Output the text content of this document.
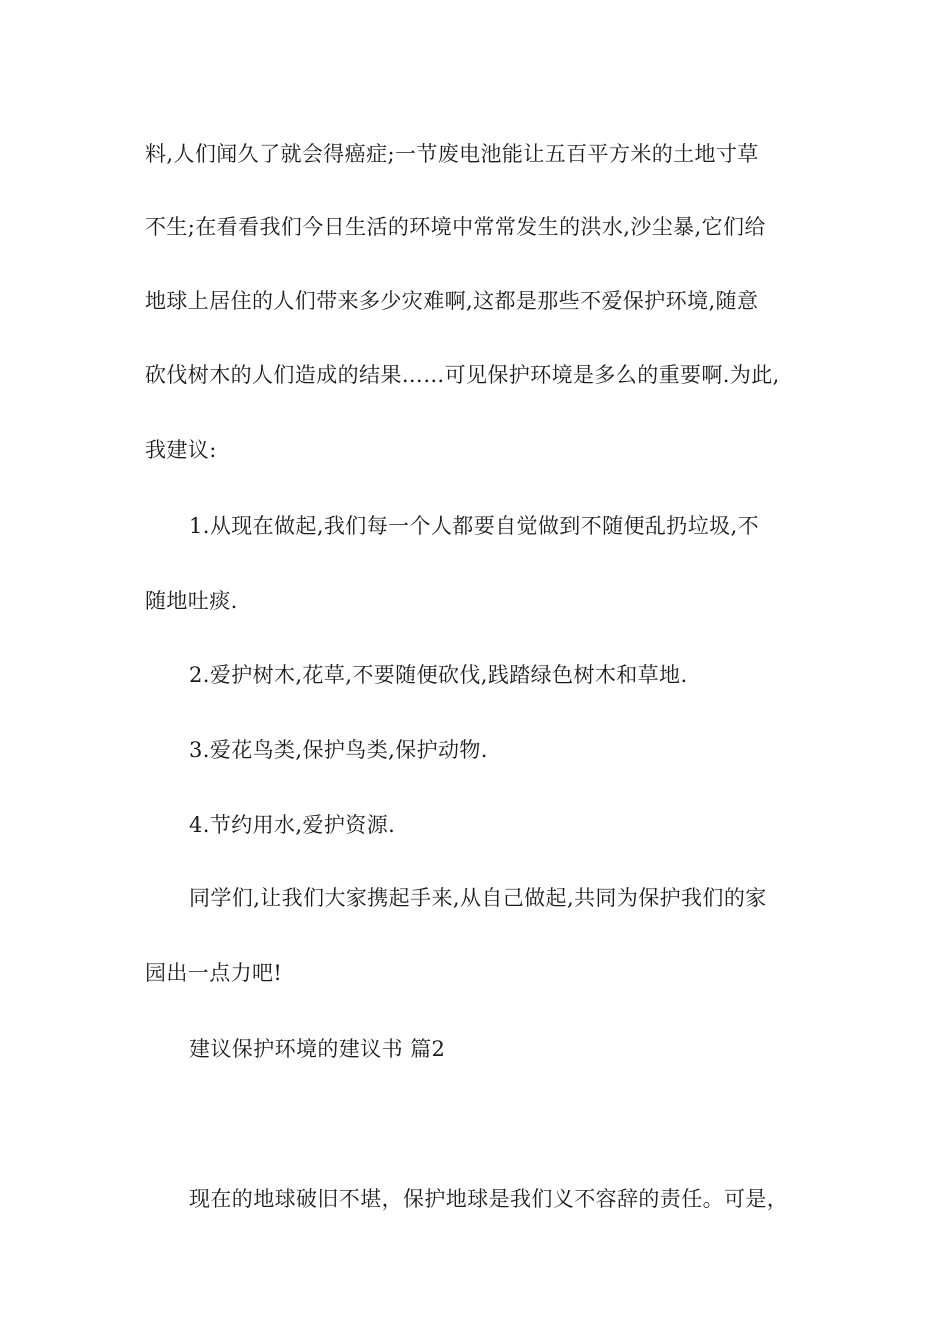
料,人们闻久了就会得癌症;一节废电池能让五百平方米的土地寸草
不生;在看看我们今日生活的环境中常常发生的洪水,沙尘暴,它们给
地球上居住的人们带来多少灾难啊,这都是那些不爱保护环境,随意
砍伐树木的人们造成的结果……可见保护环境是多么的重要啊.为此,
我建议:
1.从现在做起,我们每一个人都要自觉做到不随便乱扔垃圾,不
随地吐痰.
2.爱护树木,花草,不要随便砍伐,践踏绿色树木和草地.
3.爱花鸟类,保护鸟类,保护动物.
4.节约用水,爱护资源.
同学们,让我们大家携起手来,从自己做起,共同为保护我们的家
园出一点力吧!
建议保护环境的建议书 篇2
现在的地球破旧不堪，保护地球是我们义不容辞的责任。可是，
